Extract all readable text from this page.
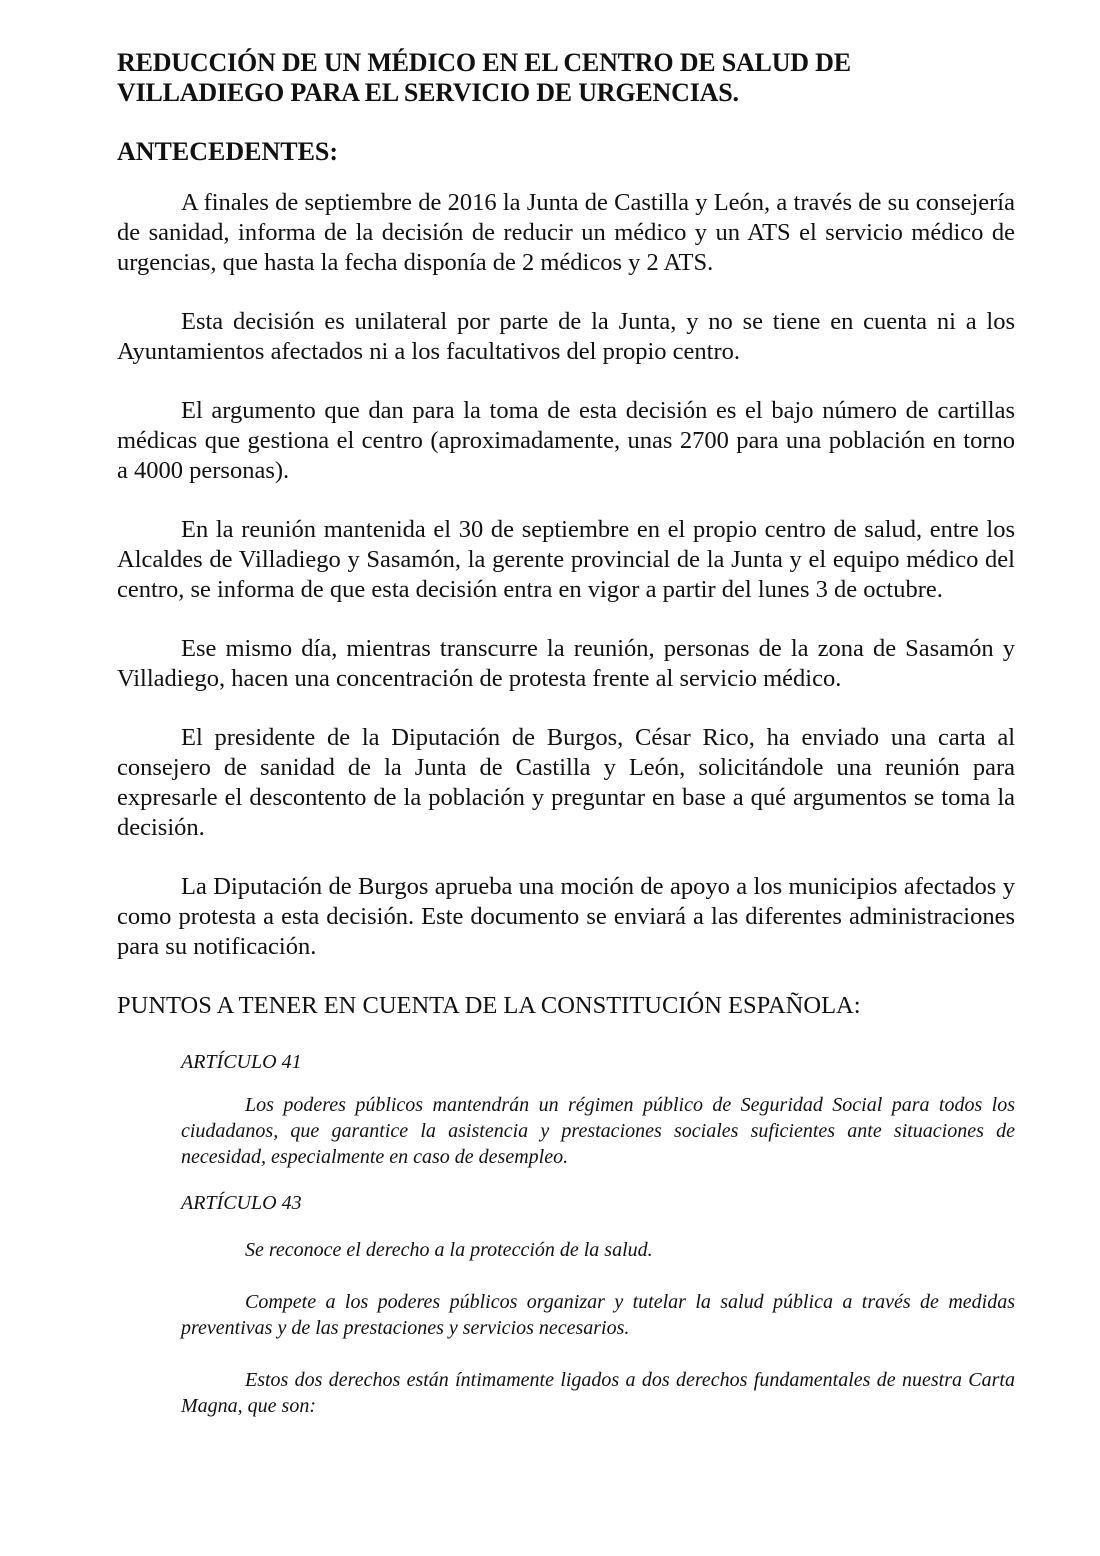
REDUCCIÓN DE UN MÉDICO EN EL CENTRO DE SALUD DE
VILLADIEGO PARA EL SERVICIO DE URGENCIAS.
ANTECEDENTES:

A finales de septiembre de 2016 la Junta de Castilla y León, a través de su consejería de sanidad, informa de la decisión de reducir un médico y un ATS el servicio médico de urgencias, que hasta la fecha disponía de 2 médicos y 2 ATS.

Esta decisión es unilateral por parte de la Junta, y no se tiene en cuenta ni a los Ayuntamientos afectados ni a los facultativos del propio centro.

El argumento que dan para la toma de esta decisión es el bajo número de cartillas médicas que gestiona el centro (aproximadamente, unas 2700 para una población en torno a 4000 personas).

En la reunión mantenida el 30 de septiembre en el propio centro de salud, entre los Alcaldes de Villadiego y Sasamón, la gerente provincial de la Junta y el equipo médico del centro, se informa de que esta decisión entra en vigor a partir del lunes 3 de octubre.

Ese mismo día, mientras transcurre la reunión, personas de la zona de Sasamón y Villadiego, hacen una concentración de protesta frente al servicio médico.

El presidente de la Diputación de Burgos, César Rico, ha enviado una carta al consejero de sanidad de la Junta de Castilla y León, solicitándole una reunión para expresarle el descontento de la población y preguntar en base a qué argumentos se toma la decisión.

La Diputación de Burgos aprueba una moción de apoyo a los municipios afectados y como protesta a esta decisión. Este documento se enviará a las diferentes administraciones para su notificación.

PUNTOS A TENER EN CUENTA DE LA CONSTITUCIÓN ESPAÑOLA:
ARTÍCULO 41

Los poderes públicos mantendrán un régimen público de Seguridad Social para todos los ciudadanos, que garantice la asistencia y prestaciones sociales suficientes ante situaciones de necesidad, especialmente en caso de desempleo.

ARTÍCULO 43

Se reconoce el derecho a la protección de la salud.

Compete a los poderes públicos organizar y tutelar la salud pública a través de medidas preventivas y de las prestaciones y servicios necesarios.

Estos dos derechos están íntimamente ligados a dos derechos fundamentales de nuestra Carta Magna, que son:
